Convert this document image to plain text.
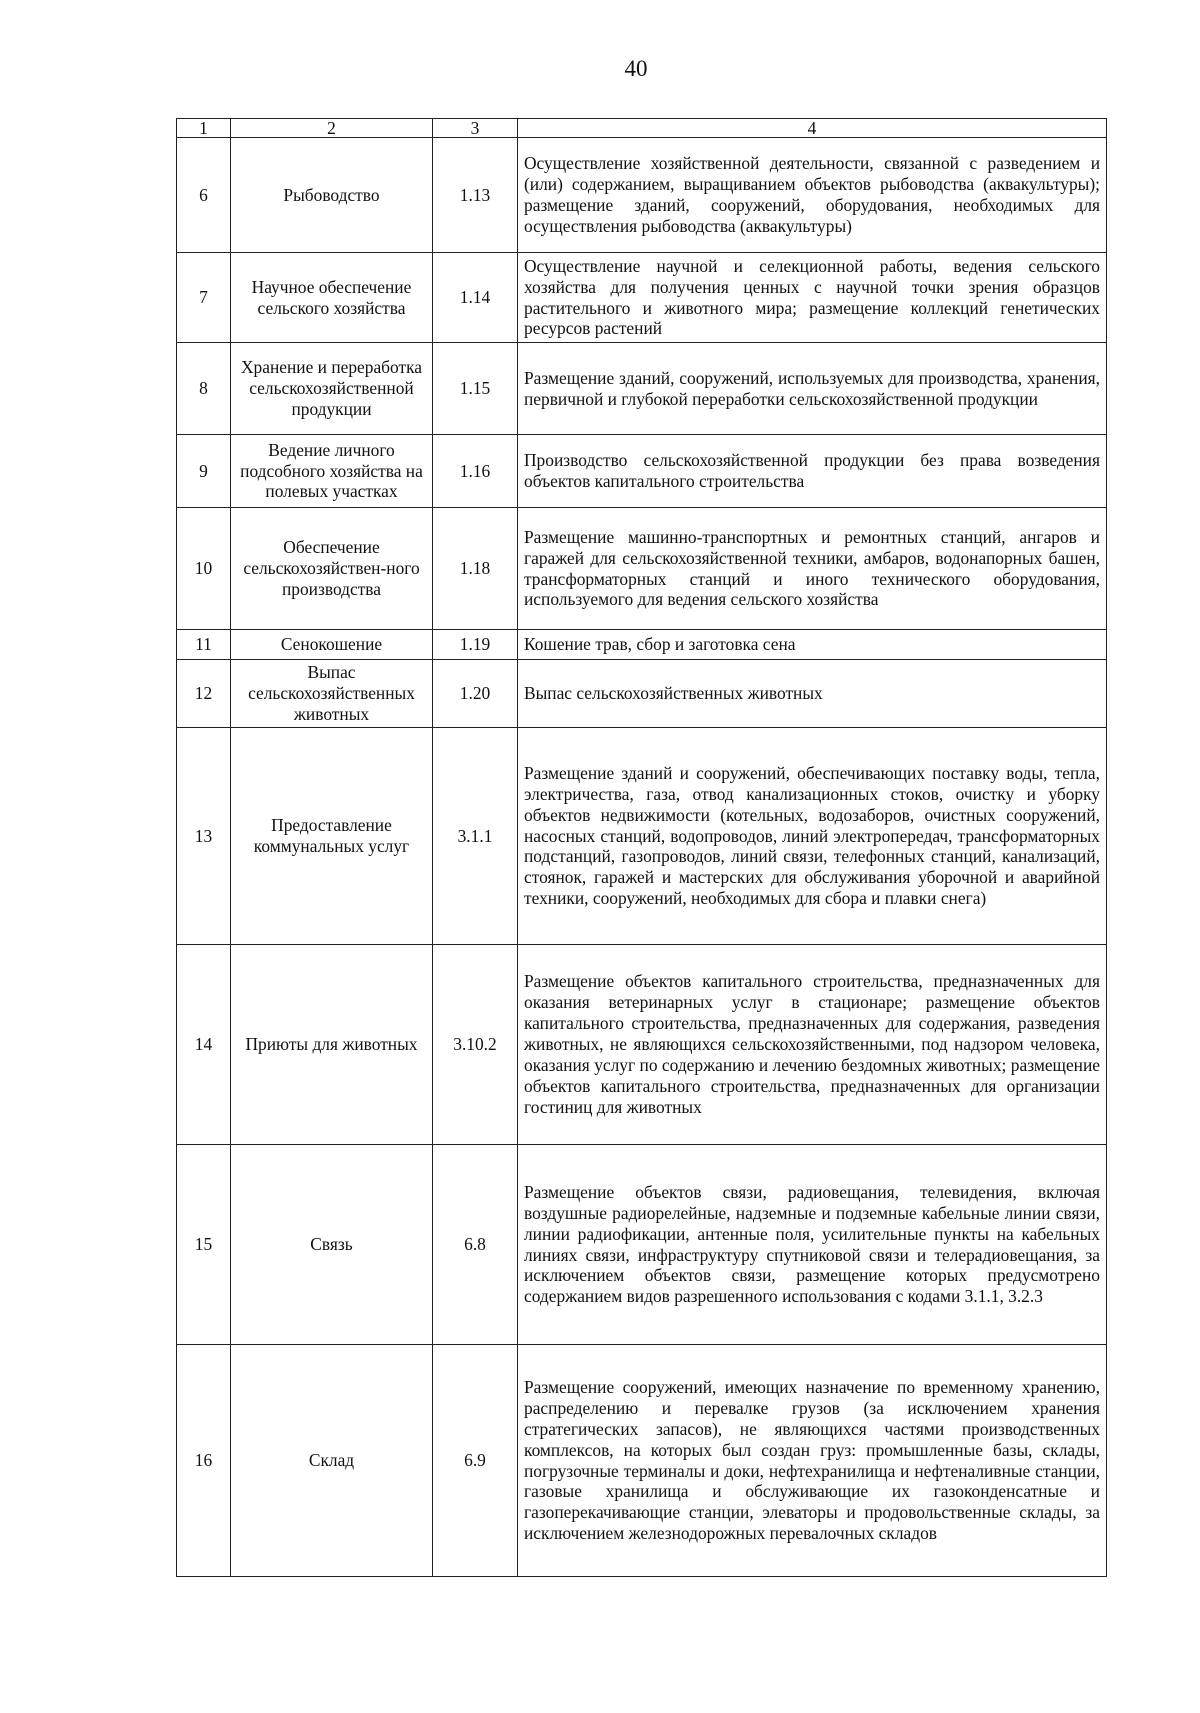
40
1	2	3	4
6	Рыбоводство	1.13	Осуществление хозяйственной деятельности, связанной с разведением и (или) содержанием, выращиванием объектов рыбоводства (аквакультуры); размещение зданий, сооружений, оборудования, необходимых для осуществления рыбоводства (аквакультуры)
7	Научное обеспечение сельского хозяйства	1.14	Осуществление научной и селекционной работы, ведения сельского хозяйства для получения ценных с научной точки зрения образцов растительного и животного мира; размещение коллекций генетических ресурсов растений
8	Хранение и переработка сельскохозяйственной продукции	1.15	Размещение зданий, сооружений, используемых для производства, хранения, первичной и глубокой переработки сельскохозяйственной продукции
9	Ведение личного подсобного хозяйства на полевых участках	1.16	Производство сельскохозяйственной продукции без права возведения объектов капитального строительства
10	Обеспечение сельскохозяйствен-ного производства	1.18	Размещение машинно-транспортных и ремонтных станций, ангаров и гаражей для сельскохозяйственной техники, амбаров, водонапорных башен, трансформаторных станций и иного технического оборудования, используемого для ведения сельского хозяйства
11	Сенокошение	1.19	Кошение трав, сбор и заготовка сена
12	Выпас сельскохозяйственных животных	1.20	Выпас сельскохозяйственных животных
13	Предоставление коммунальных услуг	3.1.1	Размещение зданий и сооружений, обеспечивающих поставку воды, тепла, электричества, газа, отвод канализационных стоков, очистку и уборку объектов недвижимости (котельных, водозаборов, очистных сооружений, насосных станций, водопроводов, линий электропередач, трансформаторных подстанций, газопроводов, линий связи, телефонных станций, канализаций, стоянок, гаражей и мастерских для обслуживания уборочной и аварийной техники, сооружений, необходимых для сбора и плавки снега)
14	Приюты для животных	3.10.2	Размещение объектов капитального строительства, предназначенных для оказания ветеринарных услуг в стационаре; размещение объектов капитального строительства, предназначенных для содержания, разведения животных, не являющихся сельскохозяйственными, под надзором человека, оказания услуг по содержанию и лечению бездомных животных; размещение объектов капитального строительства, предназначенных для организации гостиниц для животных
15	Связь	6.8	Размещение объектов связи, радиовещания, телевидения, включая воздушные радиорелейные, надземные и подземные кабельные линии связи, линии радиофикации, антенные поля, усилительные пункты на кабельных линиях связи, инфраструктуру спутниковой связи и телерадиовещания, за исключением объектов связи, размещение которых предусмотрено содержанием видов разрешенного использования с кодами 3.1.1, 3.2.3
16	Склад	6.9	Размещение сооружений, имеющих назначение по временному хранению, распределению и перевалке грузов (за исключением хранения стратегических запасов), не являющихся частями производственных комплексов, на которых был создан груз: промышленные базы, склады, погрузочные терминалы и доки, нефтехранилища и нефтеналивные станции, газовые хранилища и обслуживающие их газоконденсатные и газоперекачивающие станции, элеваторы и продовольственные склады, за исключением железнодорожных перевалочных складов
